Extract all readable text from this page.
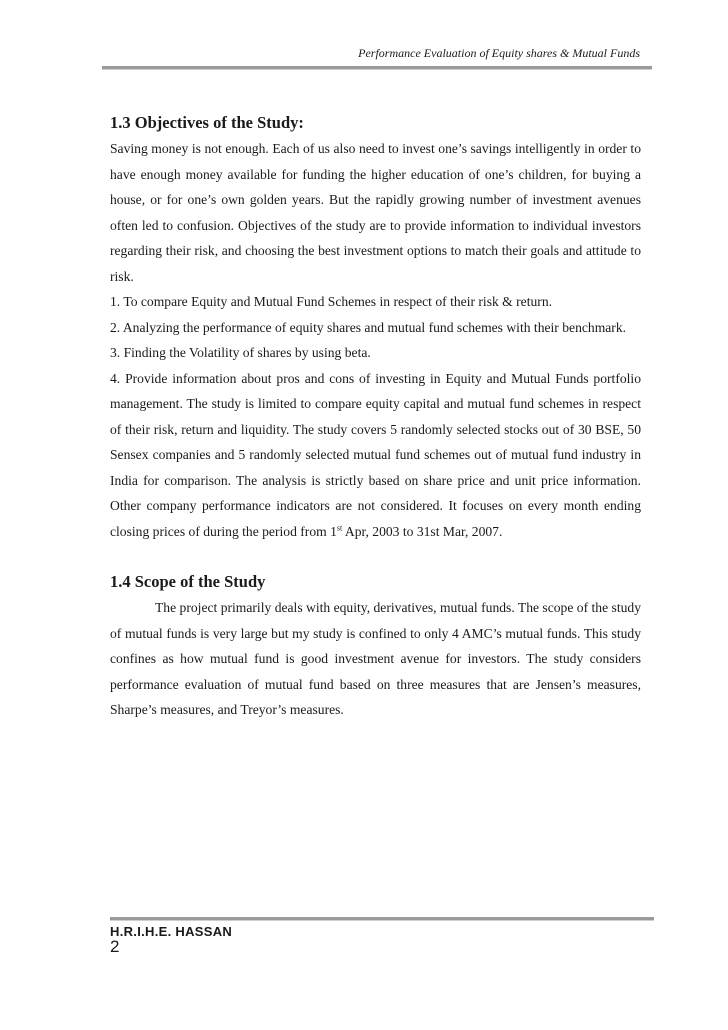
Performance Evaluation of Equity shares & Mutual Funds
1.3 Objectives of the Study:

Saving money is not enough. Each of us also need to invest one’s savings intelligently in order to have enough money available for funding the higher education of one’s children, for buying a house, or for one’s own golden years. But the rapidly growing number of investment avenues often led to confusion. Objectives of the study are to provide information to individual investors regarding their risk, and choosing the best investment options to match their goals and attitude to risk.

1. To compare Equity and Mutual Fund Schemes in respect of their risk & return.

2. Analyzing the performance of equity shares and mutual fund schemes with their benchmark.

3. Finding the Volatility of shares by using beta.

4. Provide information about pros and cons of investing in Equity and Mutual Funds portfolio management. The study is limited to compare equity capital and mutual fund schemes in respect of their risk, return and liquidity. The study covers 5 randomly selected stocks out of 30 BSE, 50 Sensex companies and 5 randomly selected mutual fund schemes out of mutual fund industry in India for comparison. The analysis is strictly based on share price and unit price information. Other company performance indicators are not considered. It focuses on every month ending closing prices of during the period from 1st Apr, 2003 to 31st Mar, 2007.

1.4 Scope of the Study

The project primarily deals with equity, derivatives, mutual funds. The scope of the study of mutual funds is very large but my study is confined to only 4 AMC’s mutual funds. This study confines as how mutual fund is good investment avenue for investors. The study considers performance evaluation of mutual fund based on three measures that are Jensen’s measures, Sharpe’s measures, and Treyor’s measures.

H.R.I.H.E. HASSAN
2
